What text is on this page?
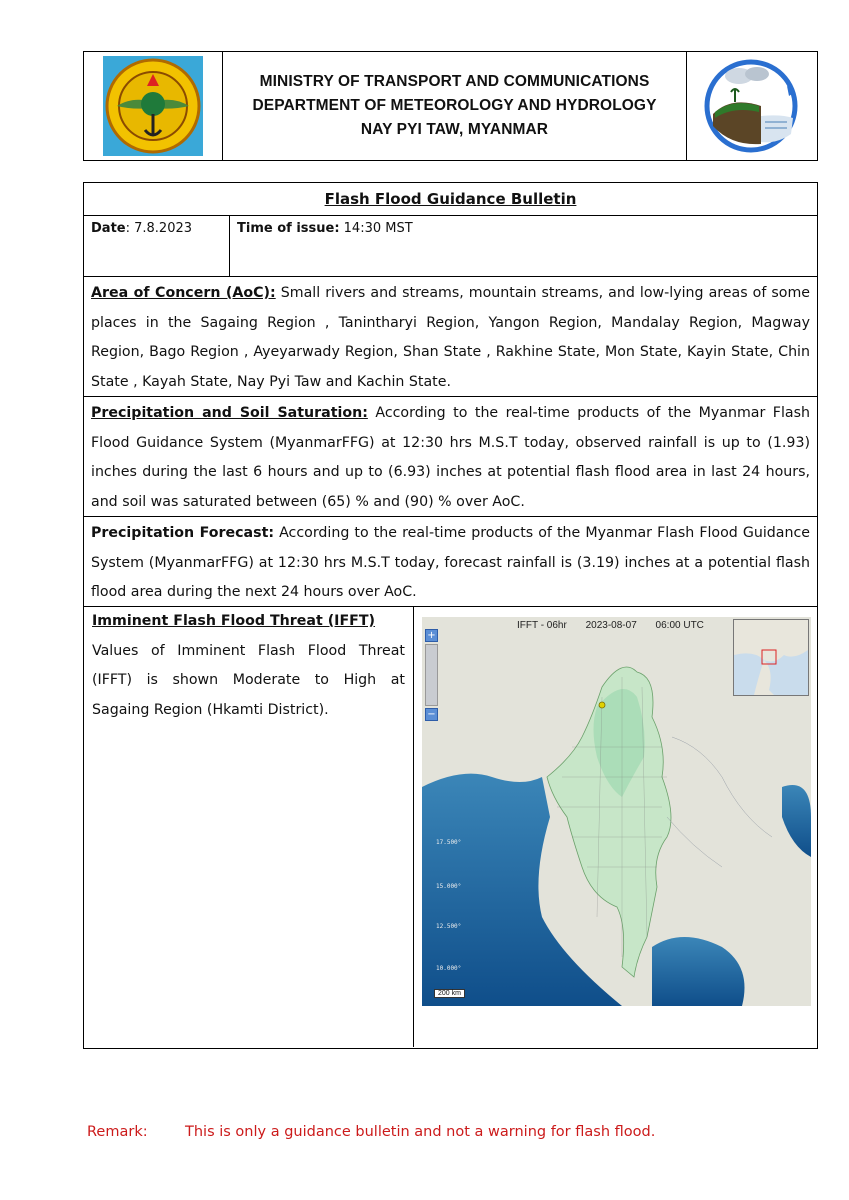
MINISTRY OF TRANSPORT AND COMMUNICATIONS
DEPARTMENT OF METEOROLOGY AND HYDROLOGY
NAY PYI TAW, MYANMAR
Flash Flood Guidance Bulletin
Date: 7.8.2023	Time of issue: 14:30 MST
Area of Concern (AoC): Small rivers and streams, mountain streams, and low-lying areas of some places in the Sagaing Region , Tanintharyi Region, Yangon Region, Mandalay Region, Magway Region, Bago Region , Ayeyarwady Region, Shan State , Rakhine State, Mon State, Kayin State, Chin State , Kayah State, Nay Pyi Taw and Kachin State.
Precipitation and Soil Saturation: According to the real-time products of the Myanmar Flash Flood Guidance System (MyanmarFFG) at 12:30 hrs M.S.T today, observed rainfall is up to (1.93) inches during the last 6 hours and up to (6.93) inches at potential flash flood area in last 24 hours, and soil was saturated between (65) % and (90) % over AoC.
Precipitation Forecast: According to the real-time products of the Myanmar Flash Flood Guidance System (MyanmarFFG) at 12:30 hrs M.S.T today, forecast rainfall is (3.19) inches at a potential flash flood area during the next 24 hours over AoC.
Imminent Flash Flood Threat (IFFT)
Values of Imminent Flash Flood Threat (IFFT) is shown Moderate to High at Sagaing Region (Hkamti District).
IFFT - 06hr 2023-08-07 06:00 UTC
+
−
17.500°
15.000°
12.500°
10.000°
200 km
Remark:	This is only a guidance bulletin and not a warning for flash flood.
